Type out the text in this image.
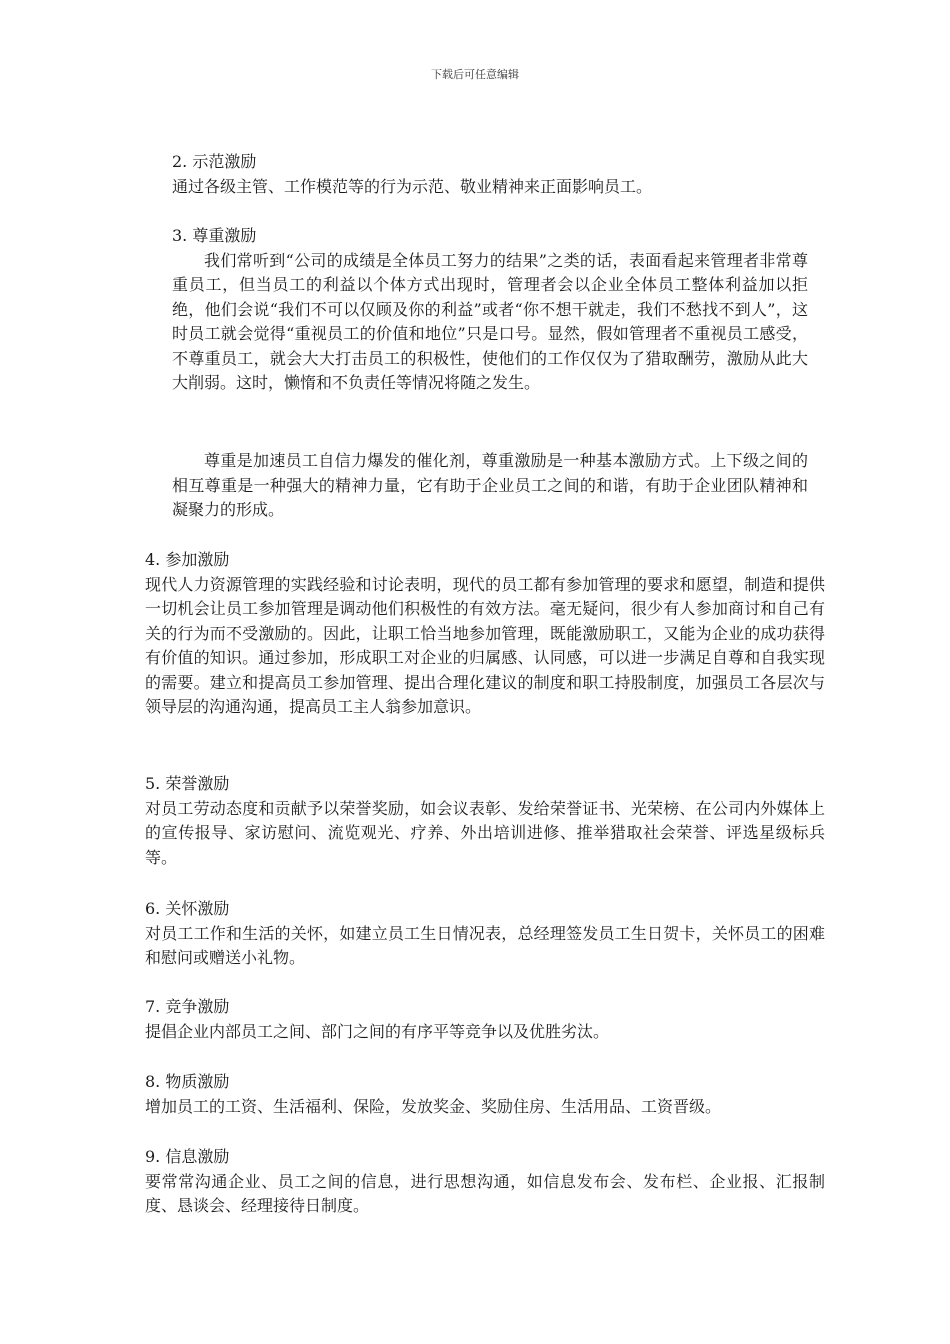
下载后可任意编辑

2. 示范激励

通过各级主管、工作模范等的行为示范、敬业精神来正面影响员工。

3. 尊重激励

我们常听到“公司的成绩是全体员工努力的结果”之类的话，表面看起来管理者非常尊重员工，但当员工的利益以个体方式出现时，管理者会以企业全体员工整体利益加以拒绝，他们会说“我们不可以仅顾及你的利益”或者“你不想干就走，我们不愁找不到人”，这时员工就会觉得“重视员工的价值和地位”只是口号。显然，假如管理者不重视员工感受，不尊重员工，就会大大打击员工的积极性，使他们的工作仅仅为了猎取酬劳，激励从此大大削弱。这时，懒惰和不负责任等情况将随之发生。

尊重是加速员工自信力爆发的催化剂，尊重激励是一种基本激励方式。上下级之间的相互尊重是一种强大的精神力量，它有助于企业员工之间的和谐，有助于企业团队精神和凝聚力的形成。

4. 参加激励

现代人力资源管理的实践经验和讨论表明，现代的员工都有参加管理的要求和愿望，制造和提供一切机会让员工参加管理是调动他们积极性的有效方法。毫无疑问，很少有人参加商讨和自己有关的行为而不受激励的。因此，让职工恰当地参加管理，既能激励职工，又能为企业的成功获得有价值的知识。通过参加，形成职工对企业的归属感、认同感，可以进一步满足自尊和自我实现的需要。建立和提高员工参加管理、提出合理化建议的制度和职工持股制度，加强员工各层次与领导层的沟通沟通，提高员工主人翁参加意识。

5. 荣誉激励

对员工劳动态度和贡献予以荣誉奖励，如会议表彰、发给荣誉证书、光荣榜、在公司内外媒体上的宣传报导、家访慰问、流览观光、疗养、外出培训进修、推举猎取社会荣誉、评选星级标兵等。

6. 关怀激励

对员工工作和生活的关怀，如建立员工生日情况表，总经理签发员工生日贺卡，关怀员工的困难和慰问或赠送小礼物。

7. 竞争激励

提倡企业内部员工之间、部门之间的有序平等竞争以及优胜劣汰。

8. 物质激励

增加员工的工资、生活福利、保险，发放奖金、奖励住房、生活用品、工资晋级。

9. 信息激励

要常常沟通企业、员工之间的信息，进行思想沟通，如信息发布会、发布栏、企业报、汇报制度、恳谈会、经理接待日制度。
